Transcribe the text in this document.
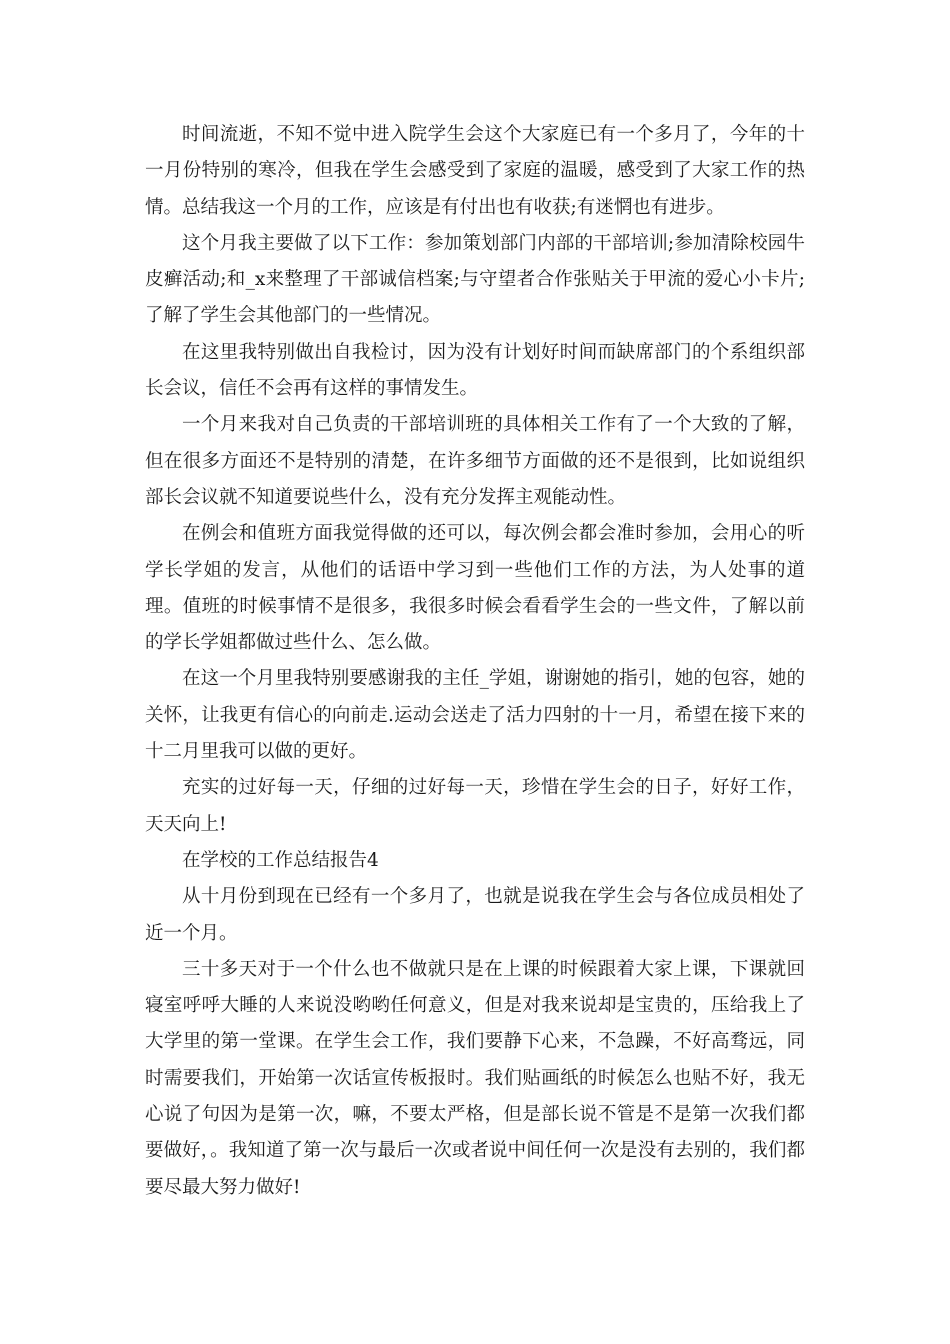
时间流逝，不知不觉中进入院学生会这个大家庭已有一个多月了，今年的十一月份特别的寒冷，但我在学生会感受到了家庭的温暖，感受到了大家工作的热情。总结我这一个月的工作，应该是有付出也有收获;有迷惘也有进步。

这个月我主要做了以下工作：参加策划部门内部的干部培训;参加清除校园牛皮癣活动;和_x来整理了干部诚信档案;与守望者合作张贴关于甲流的爱心小卡片;了解了学生会其他部门的一些情况。

在这里我特别做出自我检讨，因为没有计划好时间而缺席部门的个系组织部长会议，信任不会再有这样的事情发生。

一个月来我对自己负责的干部培训班的具体相关工作有了一个大致的了解，但在很多方面还不是特别的清楚，在许多细节方面做的还不是很到，比如说组织部长会议就不知道要说些什么，没有充分发挥主观能动性。

在例会和值班方面我觉得做的还可以，每次例会都会准时参加，会用心的听学长学姐的发言，从他们的话语中学习到一些他们工作的方法，为人处事的道理。值班的时候事情不是很多，我很多时候会看看学生会的一些文件，了解以前的学长学姐都做过些什么、怎么做。

在这一个月里我特别要感谢我的主任_学姐，谢谢她的指引，她的包容，她的关怀，让我更有信心的向前走.运动会送走了活力四射的十一月，希望在接下来的十二月里我可以做的更好。

充实的过好每一天，仔细的过好每一天，珍惜在学生会的日子，好好工作，天天向上!

在学校的工作总结报告4

从十月份到现在已经有一个多月了，也就是说我在学生会与各位成员相处了近一个月。

三十多天对于一个什么也不做就只是在上课的时候跟着大家上课，下课就回寝室呼呼大睡的人来说没哟哟任何意义，但是对我来说却是宝贵的，压给我上了大学里的第一堂课。在学生会工作，我们要静下心来，不急躁，不好高骛远，同时需要我们，开始第一次话宣传板报时。我们贴画纸的时候怎么也贴不好，我无心说了句因为是第一次，嘛，不要太严格，但是部长说不管是不是第一次我们都要做好，。我知道了第一次与最后一次或者说中间任何一次是没有去别的，我们都要尽最大努力做好!
